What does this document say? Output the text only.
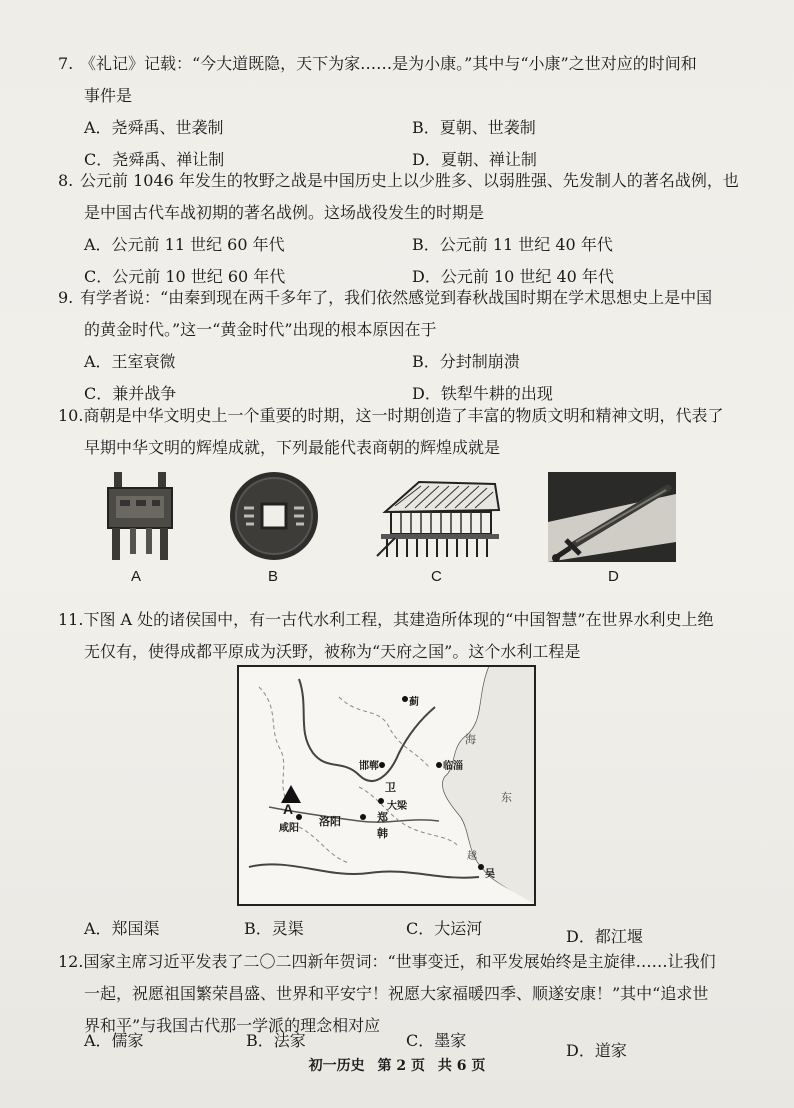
7. 《礼记》记载：“今大道既隐，天下为家……是为小康。”其中与“小康”之世对应的时间和

事件是

A．尧舜禹、世袭制	B．夏朝、世袭制
C．尧舜禹、禅让制	D．夏朝、禅让制

8. 公元前 1046 年发生的牧野之战是中国历史上以少胜多、以弱胜强、先发制人的著名战例，也

是中国古代车战初期的著名战例。这场战役发生的时期是

A．公元前 11 世纪 60 年代	B．公元前 11 世纪 40 年代
C．公元前 10 世纪 60 年代	D．公元前 10 世纪 40 年代

9. 有学者说：“由秦到现在两千多年了，我们依然感觉到春秋战国时期在学术思想史上是中国

的黄金时代。”这一“黄金时代”出现的根本原因在于

A．王室衰微	B．分封制崩溃
C．兼并战争	D．铁犁牛耕的出现

10.商朝是中华文明史上一个重要的时期，这一时期创造了丰富的物质文明和精神文明，代表了

早期中华文明的辉煌成就，下列最能代表商朝的辉煌成就是

A	B	C	D

11.下图 A 处的诸侯国中，有一古代水利工程，其建造所体现的“中国智慧”在世界水利史上绝

无仅有，使得成都平原成为沃野，被称为“天府之国”。这个水利工程是

A
咸阳
洛阳
邯郸
大梁
临淄
郑
卫
韩
蓟
东
海
越
吴
A．郑国渠	B．灵渠	C．大运河	D．都江堰

12.国家主席习近平发表了二〇二四新年贺词：“世事变迁，和平发展始终是主旋律……让我们

一起，祝愿祖国繁荣昌盛、世界和平安宁！祝愿大家福暖四季、顺遂安康！”其中“追求世

界和平”与我国古代那一学派的理念相对应

A．儒家	B．法家	C．墨家
D．道家
初一历史 第 2 页 共 6 页
